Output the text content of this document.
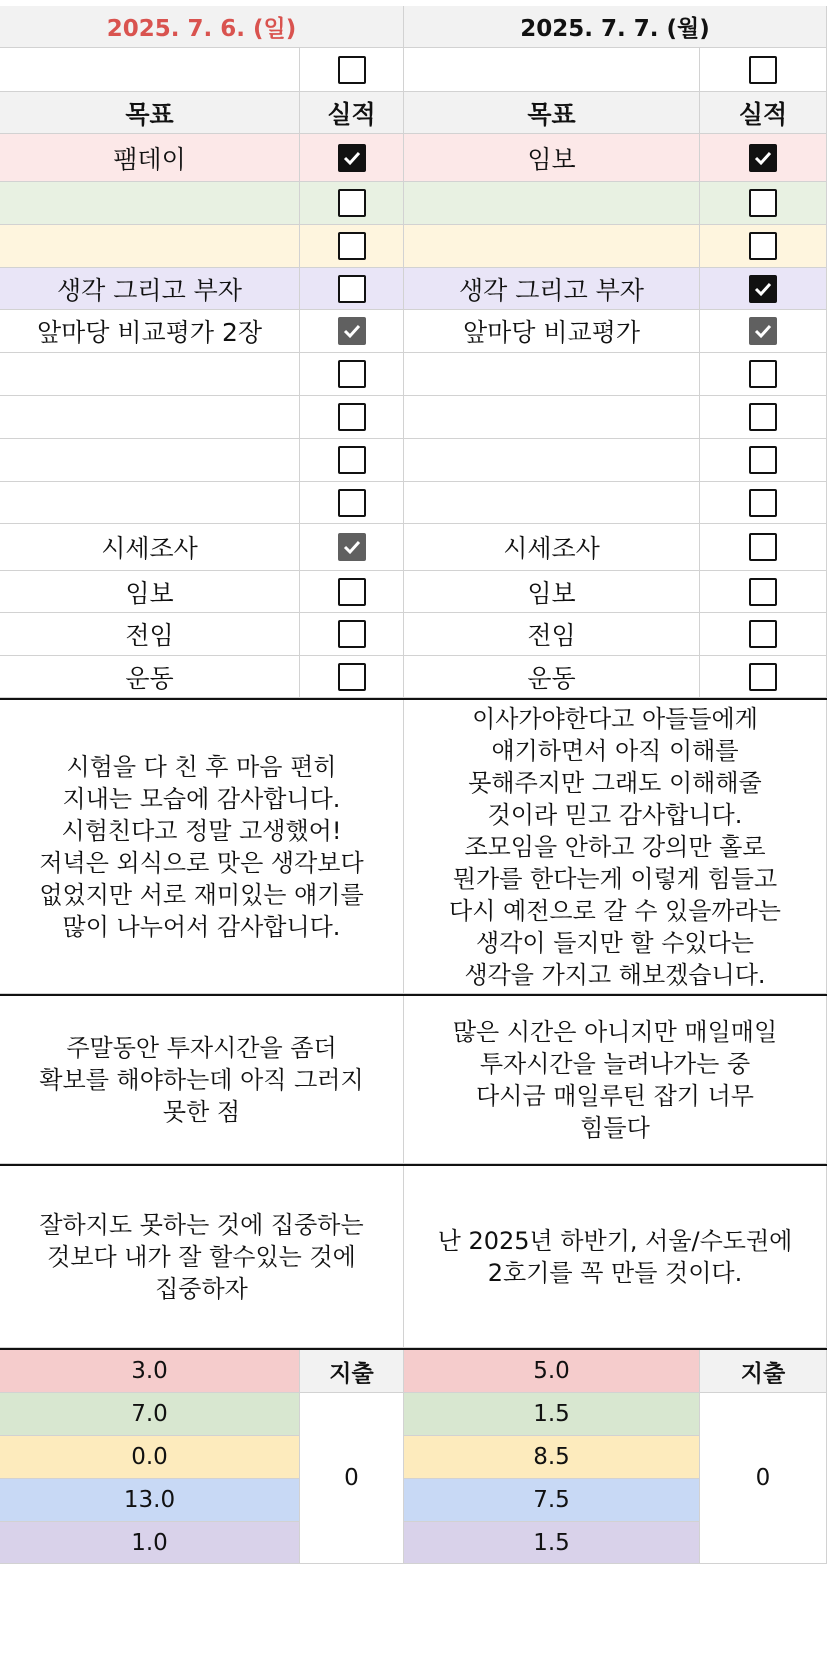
2025. 7. 6. (일)
목표	실적
팸데이
생각 그리고 부자
앞마당 비교평가 2장
시세조사
임보
전임
운동
시험을 다 친 후 마음 편히
지내는 모습에 감사합니다.
시험친다고 정말 고생했어!
저녁은 외식으로 맛은 생각보다
없었지만 서로 재미있는 얘기를
많이 나누어서 감사합니다.
주말동안 투자시간을 좀더
확보를 해야하는데 아직 그러지
못한 점
잘하지도 못하는 것에 집중하는
것보다 내가 잘 할수있는 것에
집중하자
3.0
7.0
0.0
13.0
1.0
지출
0
2025. 7. 7. (월)
목표	실적
임보
생각 그리고 부자
앞마당 비교평가
시세조사
임보
전임
운동
이사가야한다고 아들들에게
얘기하면서 아직 이해를
못해주지만 그래도 이해해줄
것이라 믿고 감사합니다.
조모임을 안하고 강의만 홀로
뭔가를 한다는게 이렇게 힘들고
다시 예전으로 갈 수 있을까라는
생각이 들지만 할 수있다는
생각을 가지고 해보겠습니다.
많은 시간은 아니지만 매일매일
투자시간을 늘려나가는 중
다시금 매일루틴 잡기 너무
힘들다
난 2025년 하반기, 서울/수도권에
2호기를 꼭 만들 것이다.
5.0
1.5
8.5
7.5
1.5
지출
0
